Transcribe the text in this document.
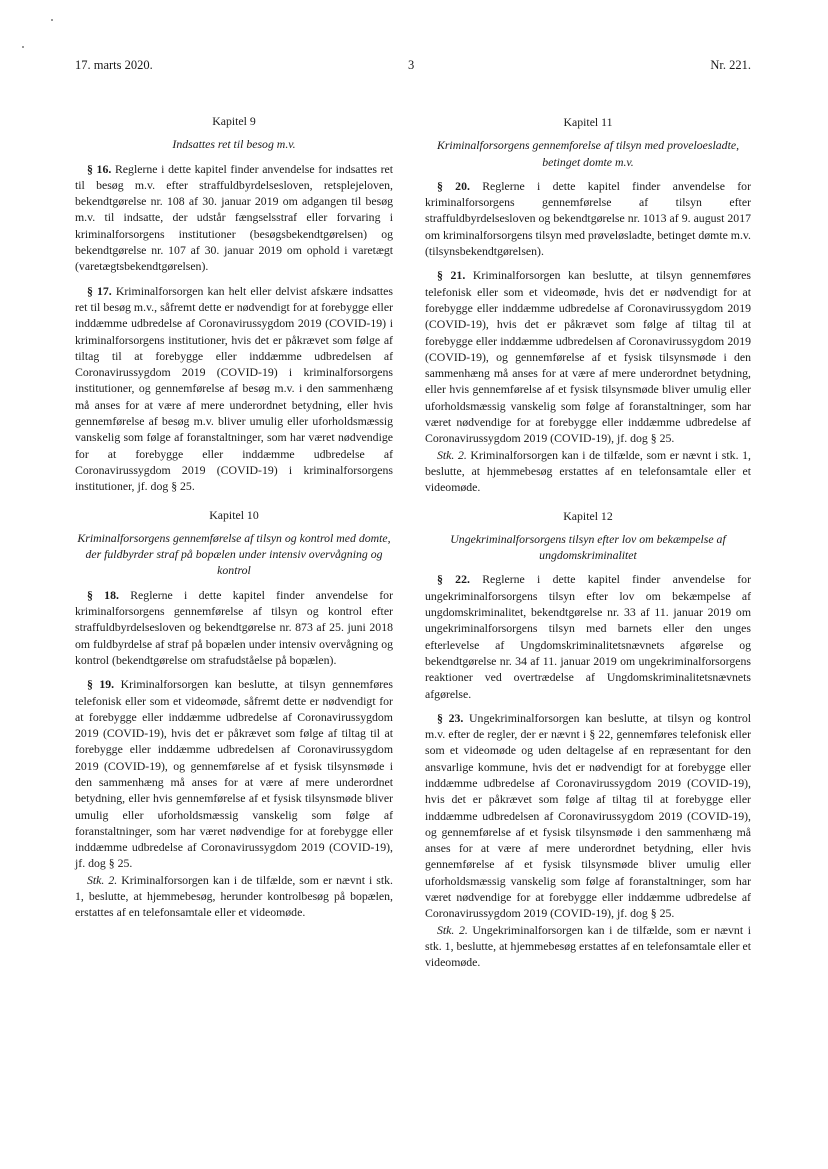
17. marts 2020.	3	Nr. 221.
Kapitel 9
Indsattes ret til besog m.v.

§ 16. Reglerne i dette kapitel finder anvendelse for indsattes ret til besøg m.v. efter straffuldbyrdelsesloven, retsplejeloven, bekendtgørelse nr. 108 af 30. januar 2019 om adgangen til besøg m.v. til indsatte, der udstår fængselsstraf eller forvaring i kriminalforsorgens institutioner (besøgsbekendtgørelsen) og bekendtgørelse nr. 107 af 30. januar 2019 om ophold i varetægt (varetægtsbekendtgørelsen).

§ 17. Kriminalforsorgen kan helt eller delvist afskære indsattes ret til besøg m.v., såfremt dette er nødvendigt for at forebygge eller inddæmme udbredelse af Coronavirussygdom 2019 (COVID-19) i kriminalforsorgens institutioner, hvis det er påkrævet som følge af tiltag til at forebygge eller inddæmme udbredelsen af Coronavirussygdom 2019 (COVID-19) i kriminalforsorgens institutioner, og gennemførelse af besøg m.v. i den sammenhæng må anses for at være af mere underordnet betydning, eller hvis gennemførelse af besøg m.v. bliver umulig eller uforholdsmæssig vanskelig som følge af foranstaltninger, som har været nødvendige for at forebygge eller inddæmme udbredelse af Coronavirussygdom 2019 (COVID-19) i kriminalforsorgens institutioner, jf. dog § 25.

Kapitel 10
Kriminalforsorgens gennemførelse af tilsyn og kontrol med domte, der fuldbyrder straf på bopælen under intensiv overvågning og kontrol

§ 18. Reglerne i dette kapitel finder anvendelse for kriminalforsorgens gennemførelse af tilsyn og kontrol efter straffuldbyrdelsesloven og bekendtgørelse nr. 873 af 25. juni 2018 om fuldbyrdelse af straf på bopælen under intensiv overvågning og kontrol (bekendtgørelse om strafudståelse på bopælen).

§ 19. Kriminalforsorgen kan beslutte, at tilsyn gennemføres telefonisk eller som et videomøde, såfremt dette er nødvendigt for at forebygge eller inddæmme udbredelse af Coronavirussygdom 2019 (COVID-19), hvis det er påkrævet som følge af tiltag til at forebygge eller inddæmme udbredelsen af Coronavirussygdom 2019 (COVID-19), og gennemførelse af et fysisk tilsynsmøde i den sammenhæng må anses for at være af mere underordnet betydning, eller hvis gennemførelse af et fysisk tilsynsmøde bliver umulig eller uforholdsmæssig vanskelig som følge af foranstaltninger, som har været nødvendige for at forebygge eller inddæmme udbredelse af Coronavirussygdom 2019 (COVID-19), jf. dog § 25.

Stk. 2. Kriminalforsorgen kan i de tilfælde, som er nævnt i stk. 1, beslutte, at hjemmebesøg, herunder kontrolbesøg på bopælen, erstattes af en telefonsamtale eller et videomøde.

Kapitel 11
Kriminalforsorgens gennemforelse af tilsyn med proveloesladte, betinget domte m.v.

§ 20. Reglerne i dette kapitel finder anvendelse for kriminalforsorgens gennemførelse af tilsyn efter straffuldbyrdelsesloven og bekendtgørelse nr. 1013 af 9. august 2017 om kriminalforsorgens tilsyn med prøveløsladte, betinget dømte m.v. (tilsynsbekendtgørelsen).

§ 21. Kriminalforsorgen kan beslutte, at tilsyn gennemføres telefonisk eller som et videomøde, hvis det er nødvendigt for at forebygge eller inddæmme udbredelse af Coronavirussygdom 2019 (COVID-19), hvis det er påkrævet som følge af tiltag til at forebygge eller inddæmme udbredelsen af Coronavirussygdom 2019 (COVID-19), og gennemførelse af et fysisk tilsynsmøde i den sammenhæng må anses for at være af mere underordnet betydning, eller hvis gennemførelse af et fysisk tilsynsmøde bliver umulig eller uforholdsmæssig vanskelig som følge af foranstaltninger, som har været nødvendige for at forebygge eller inddæmme udbredelse af Coronavirussygdom 2019 (COVID-19), jf. dog § 25.

Stk. 2. Kriminalforsorgen kan i de tilfælde, som er nævnt i stk. 1, beslutte, at hjemmebesøg erstattes af en telefonsamtale eller et videomøde.

Kapitel 12
Ungekriminalforsorgens tilsyn efter lov om bekæmpelse af ungdomskriminalitet

§ 22. Reglerne i dette kapitel finder anvendelse for ungekriminalforsorgens tilsyn efter lov om bekæmpelse af ungdomskriminalitet, bekendtgørelse nr. 33 af 11. januar 2019 om ungekriminalforsorgens tilsyn med barnets eller den unges efterlevelse af Ungdomskriminalitetsnævnets afgørelse og bekendtgørelse nr. 34 af 11. januar 2019 om ungekriminalforsorgens reaktioner ved overtrædelse af Ungdomskriminalitetsnævnets afgørelse.

§ 23. Ungekriminalforsorgen kan beslutte, at tilsyn og kontrol m.v. efter de regler, der er nævnt i § 22, gennemføres telefonisk eller som et videomøde og uden deltagelse af en repræsentant for den ansvarlige kommune, hvis det er nødvendigt for at forebygge eller inddæmme udbredelse af Coronavirussygdom 2019 (COVID-19), hvis det er påkrævet som følge af tiltag til at forebygge eller inddæmme udbredelsen af Coronavirussygdom 2019 (COVID-19), og gennemførelse af et fysisk tilsynsmøde i den sammenhæng må anses for at være af mere underordnet betydning, eller hvis gennemførelse af et fysisk tilsynsmøde bliver umulig eller uforholdsmæssig vanskelig som følge af foranstaltninger, som har været nødvendige for at forebygge eller inddæmme udbredelse af Coronavirussygdom 2019 (COVID-19), jf. dog § 25.

Stk. 2. Ungekriminalforsorgen kan i de tilfælde, som er nævnt i stk. 1, beslutte, at hjemmebesøg erstattes af en telefonsamtale eller et videomøde.
